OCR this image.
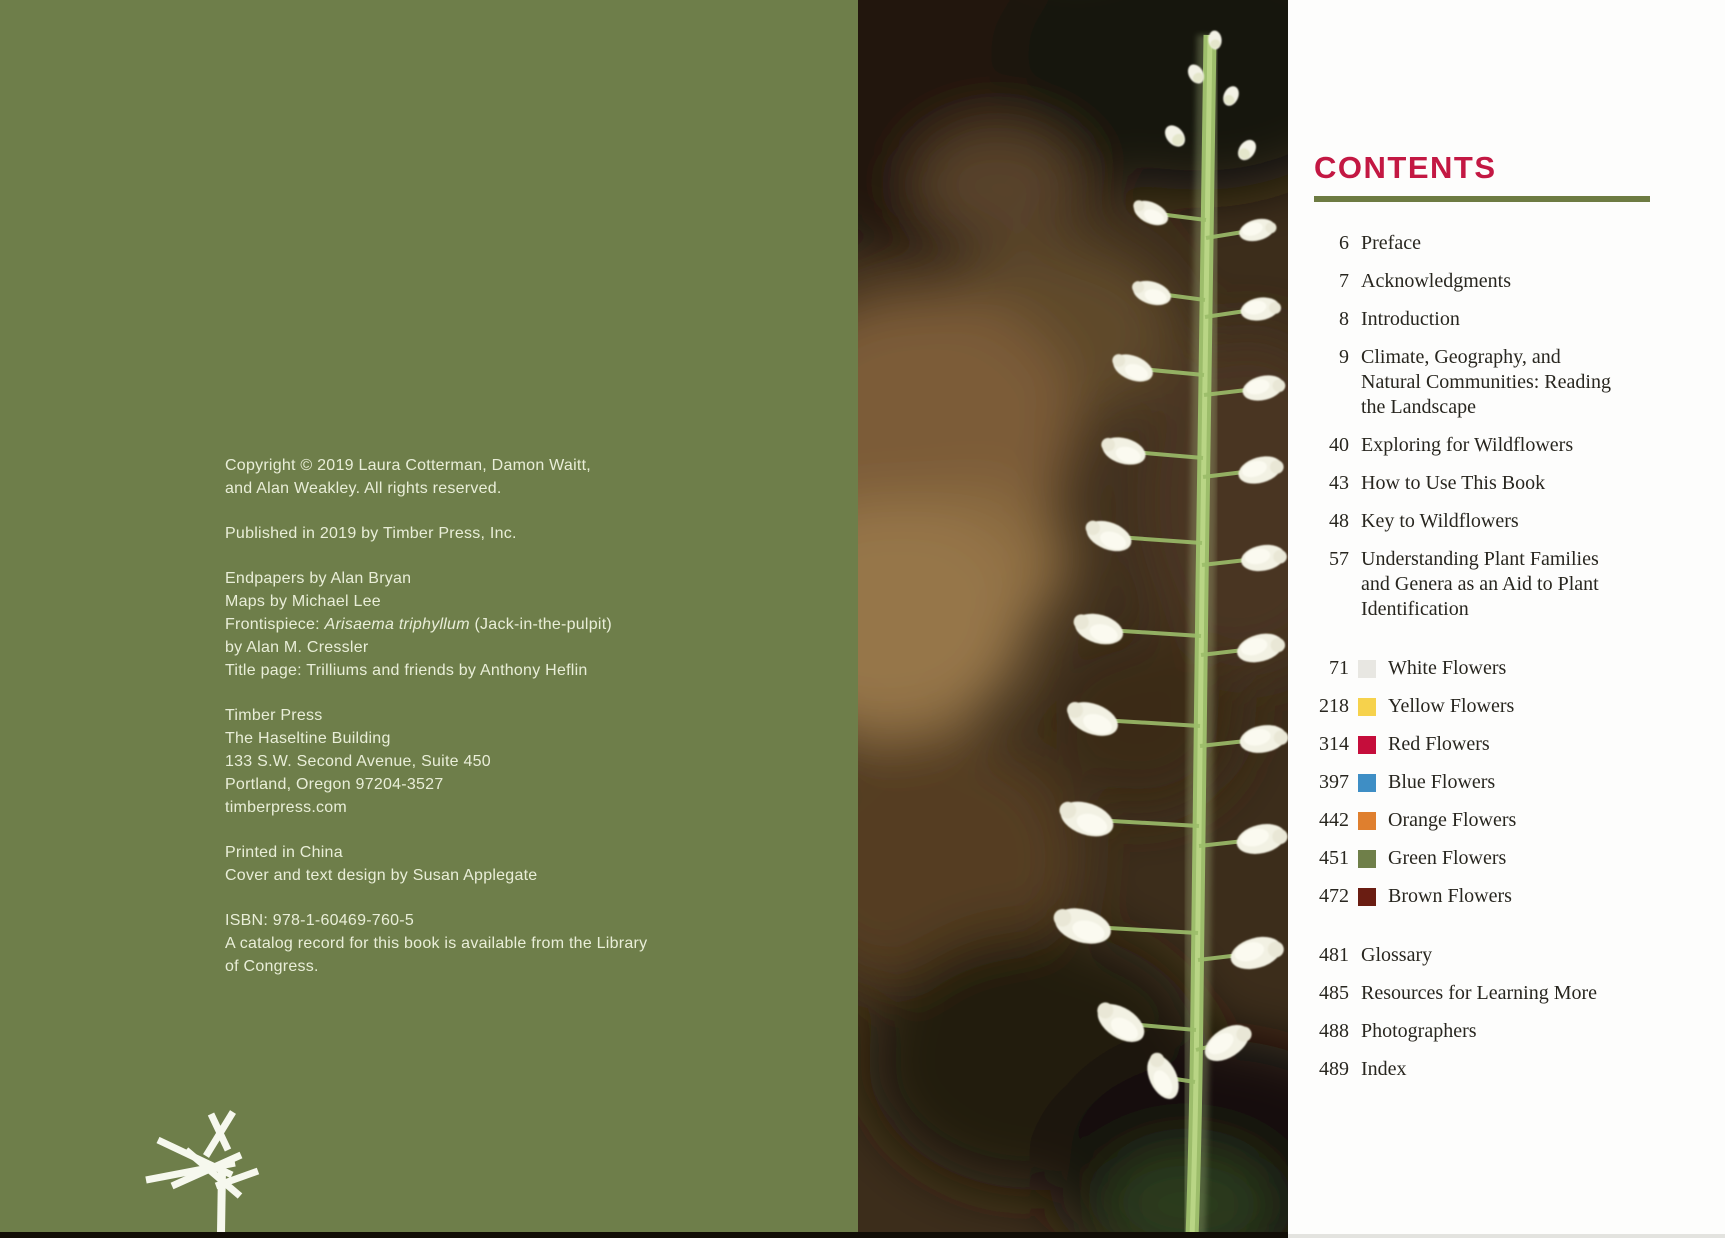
Copyright © 2019 Laura Cotterman, Damon Waitt,
and Alan Weakley. All rights reserved.
Published in 2019 by Timber Press, Inc.
Endpapers by Alan Bryan
Maps by Michael Lee
Frontispiece: Arisaema triphyllum (Jack-in-the-pulpit)
by Alan M. Cressler
Title page: Trilliums and friends by Anthony Heflin
Timber Press
The Haseltine Building
133 S.W. Second Avenue, Suite 450
Portland, Oregon 97204-3527
timberpress.com
Printed in China
Cover and text design by Susan Applegate
ISBN: 978-1-60469-760-5
A catalog record for this book is available from the Library
of Congress.
CONTENTS
6 Preface
7 Acknowledgments
8 Introduction
9 Climate, Geography, and
Natural Communities: Reading
the Landscape
40 Exploring for Wildflowers
43 How to Use This Book
48 Key to Wildflowers
57 Understanding Plant Families
and Genera as an Aid to Plant
Identification
71 White Flowers
218 Yellow Flowers
314 Red Flowers
397 Blue Flowers
442 Orange Flowers
451 Green Flowers
472 Brown Flowers
481 Glossary
485 Resources for Learning More
488 Photographers
489 Index
